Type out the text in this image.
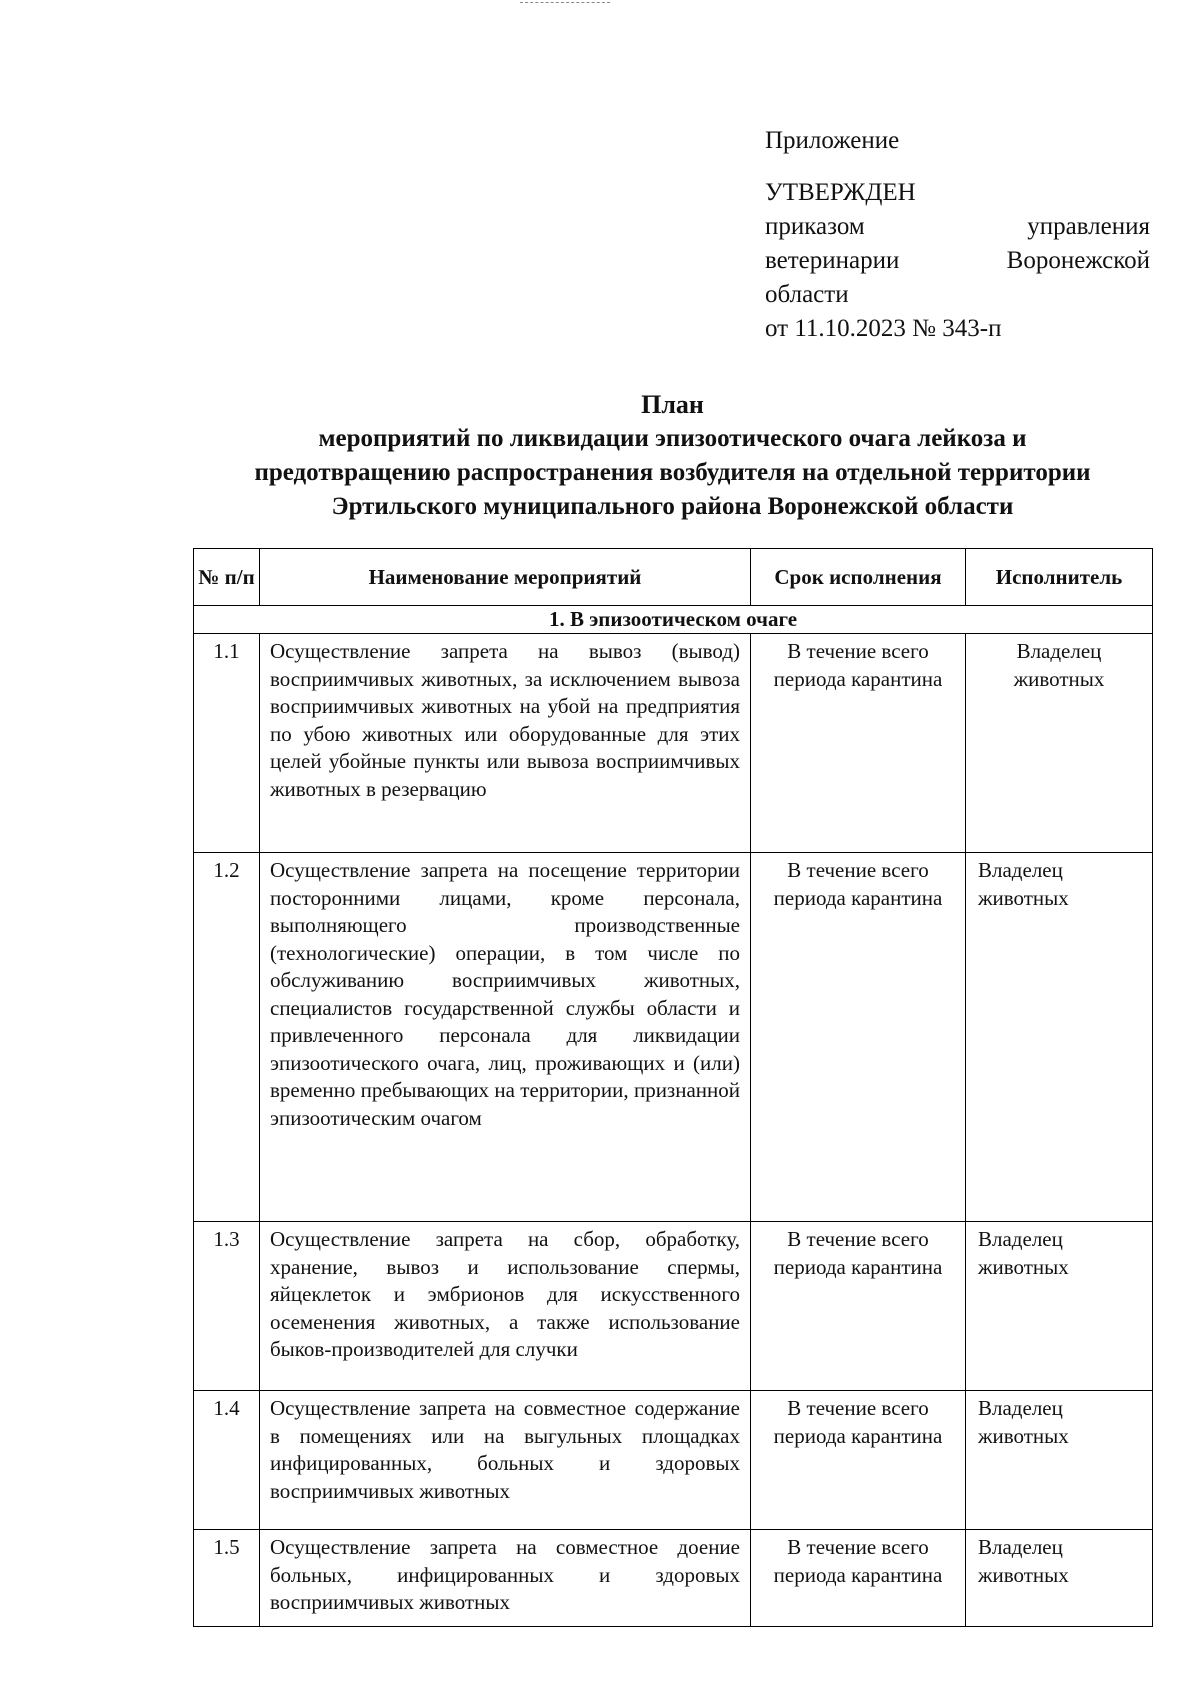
Приложение
УТВЕРЖДЕН
приказом управления
ветеринарии Воронежской
области
от 11.10.2023 № 343-п
План
мероприятий по ликвидации эпизоотического очага лейкоза и
предотвращению распространения возбудителя на отдельной территории
Эртильского муниципального района Воронежской области
№ п/п	Наименование мероприятий	Срок исполнения	Исполнитель
1. В эпизоотическом очаге			
1.1	Осуществление запрета на вывоз (вывод) восприимчивых животных, за исключением вывоза восприимчивых животных на убой на предприятия по убою животных или оборудованные для этих целей убойные пункты или вывоза восприимчивых животных в резервацию	В течение всего периода карантина	Владелец животных
1.2	Осуществление запрета на посещение территории посторонними лицами, кроме персонала, выполняющего производственные (технологические) операции, в том числе по обслуживанию восприимчивых животных, специалистов государственной службы области и привлеченного персонала для ликвидации эпизоотического очага, лиц, проживающих и (или) временно пребывающих на территории, признанной эпизоотическим очагом	В течение всего периода карантина	Владелец животных
1.3	Осуществление запрета на сбор, обработку, хранение, вывоз и использование спермы, яйцеклеток и эмбрионов для искусственного осеменения животных, а также использование быков-производителей для случки	В течение всего периода карантина	Владелец животных
1.4	Осуществление запрета на совместное содержание в помещениях или на выгульных площадках инфицированных, больных и здоровых восприимчивых животных	В течение всего периода карантина	Владелец животных
1.5	Осуществление запрета на совместное доение больных, инфицированных и здоровых восприимчивых животных	В течение всего периода карантина	Владелец животных
